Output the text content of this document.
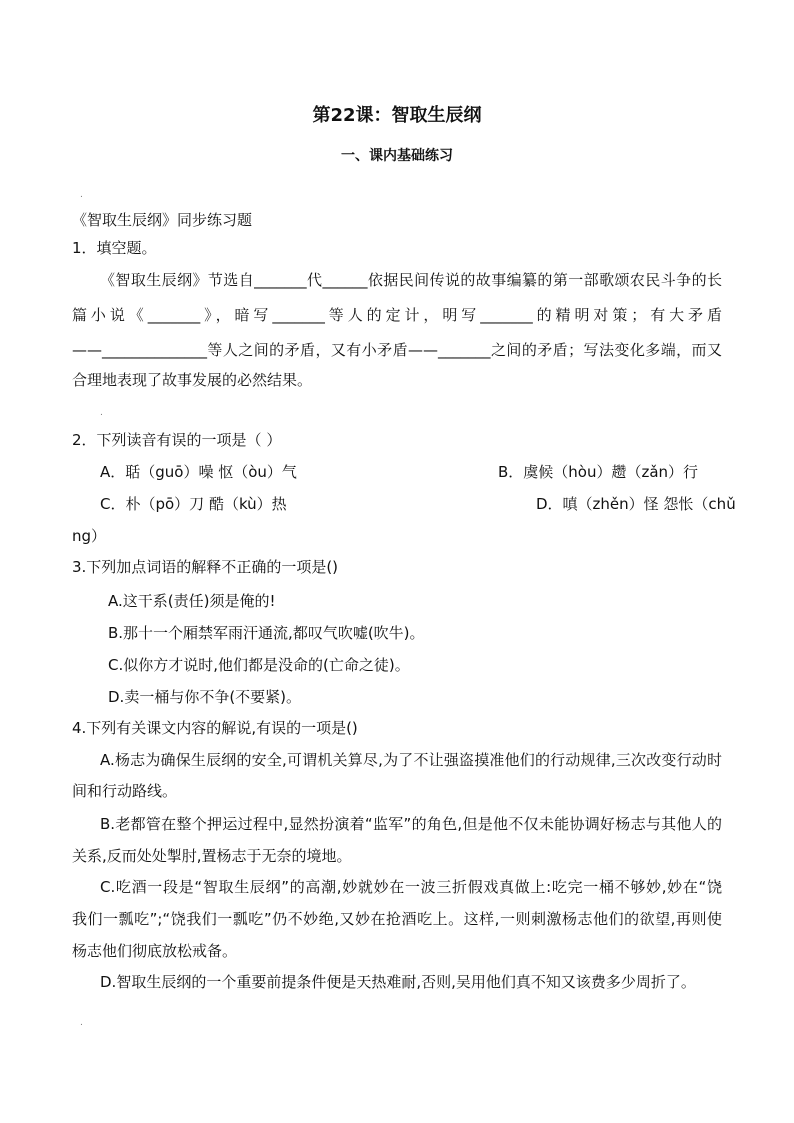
第22课：智取生辰纲
一、课内基础练习
.
《智取生辰纲》同步练习题
1．填空题。
《智取生辰纲》节选自_______代______依据民间传说的故事编纂的第一部歌颂农民斗争的长
篇小说《_______》，暗写_______等人的定计，明写_______的精明对策；有大矛盾
——______________等人之间的矛盾，又有小矛盾——_______之间的矛盾；写法变化多端，而又
合理地表现了故事发展的必然结果。
.
2．下列读音有误的一项是（ ）
A．聒（guō）噪 怄（òu）气	B．虞候（hòu）趱（zǎn）行
C．朴（pō）刀 酷（kù）热	D．嗔（zhěn）怪 怨怅（chǔ
ng）
3.下列加点词语的解释不正确的一项是()
A.这干系(责任)须是俺的!
B.那十一个厢禁军雨汗通流,都叹气吹嘘(吹牛)。
C.似你方才说时,他们都是没命的(亡命之徒)。
D.卖一桶与你不争(不要紧)。
4.下列有关课文内容的解说,有误的一项是()
A.杨志为确保生辰纲的安全,可谓机关算尽,为了不让强盗摸准他们的行动规律,三次改变行动时
间和行动路线。
B.老都管在整个押运过程中,显然扮演着“监军”的角色,但是他不仅未能协调好杨志与其他人的
关系,反而处处掣肘,置杨志于无奈的境地。
C.吃酒一段是“智取生辰纲”的高潮,妙就妙在一波三折假戏真做上:吃完一桶不够妙,妙在“饶
我们一瓢吃”;“饶我们一瓢吃”仍不妙绝,又妙在抢酒吃上。这样,一则刺激杨志他们的欲望,再则使
杨志他们彻底放松戒备。
D.智取生辰纲的一个重要前提条件便是天热难耐,否则,吴用他们真不知又该费多少周折了。
.
